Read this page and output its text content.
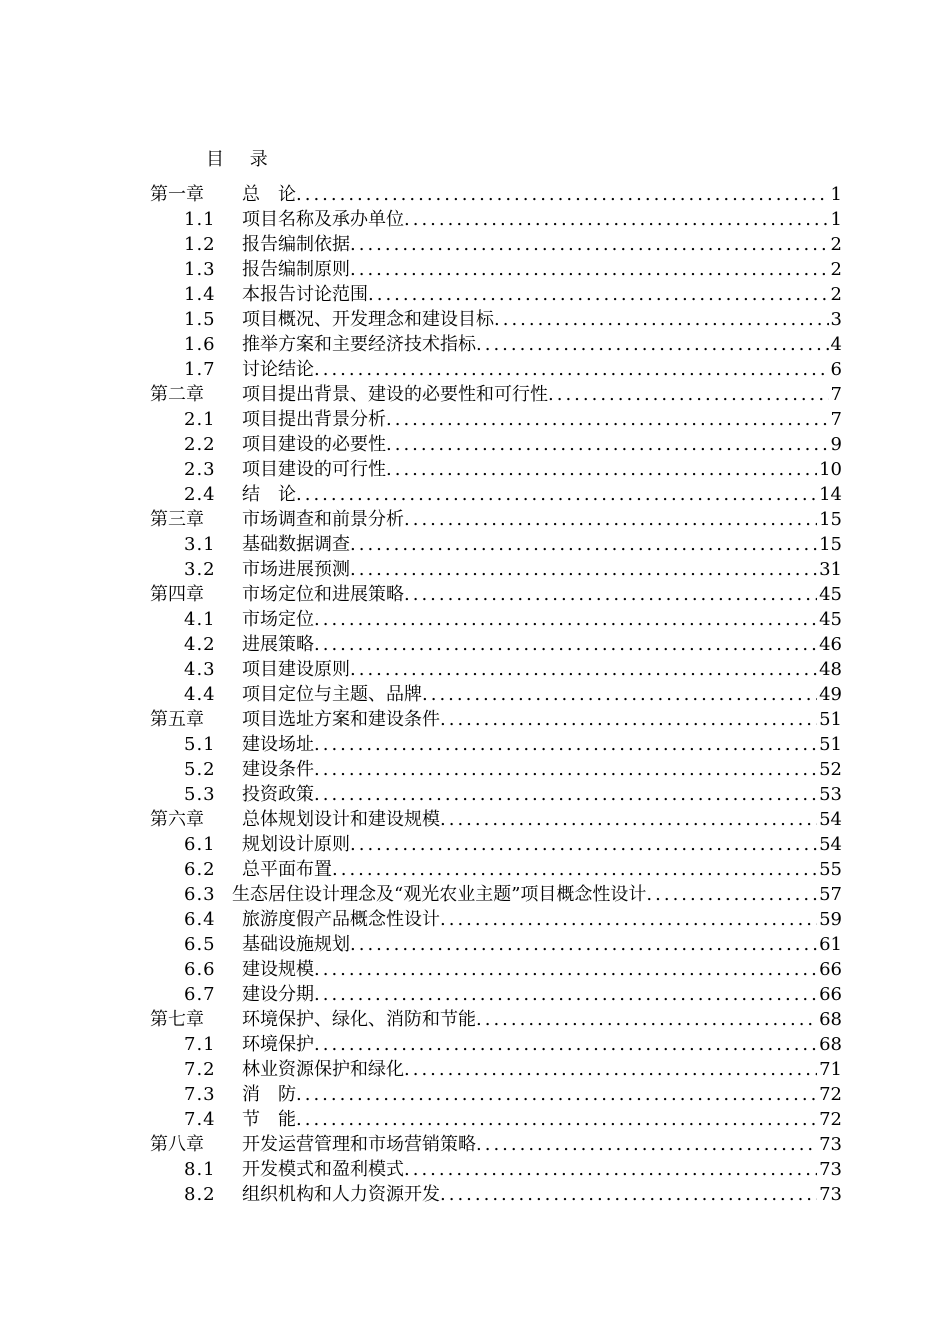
目 录
第一章	总　论 .....	1
1.1	项目名称及承办单位 .....	1
1.2	报告编制依据 .....	2
1.3	报告编制原则 .....	2
1.4	本报告讨论范围 .....	2
1.5	项目概况、开发理念和建设目标 .....	3
1.6	推举方案和主要经济技术指标 .....	4
1.7	讨论结论 .....	6
第二章	项目提出背景、建设的必要性和可行性 .....	7
2.1	项目提出背景分析 .....	7
2.2	项目建设的必要性 .....	9
2.3	项目建设的可行性 .....	10
2.4	结　论 .....	14
第三章	市场调查和前景分析 .....	15
3.1	基础数据调查 .....	15
3.2	市场进展预测 .....	31
第四章	市场定位和进展策略 .....	45
4.1	市场定位 .....	45
4.2	进展策略 .....	46
4.3	项目建设原则 .....	48
4.4	项目定位与主题、品牌 .....	49
第五章	项目选址方案和建设条件 .....	51
5.1	建设场址 .....	51
5.2	建设条件 .....	52
5.3	投资政策 .....	53
第六章	总体规划设计和建设规模 .....	54
6.1	规划设计原则 .....	54
6.2	总平面布置 .....	55
6.3 生态居住设计理念及“观光农业主题”项目概念性设计 .....	57
6.4	旅游度假产品概念性设计 .....	59
6.5	基础设施规划 .....	61
6.6	建设规模 .....	66
6.7	建设分期 .....	66
第七章	环境保护、绿化、消防和节能 .....	68
7.1	环境保护 .....	68
7.2	林业资源保护和绿化 .....	71
7.3	消　防 .....	72
7.4	节　能 .....	72
第八章	开发运营管理和市场营销策略 .....	73
8.1	开发模式和盈利模式 .....	73
8.2	组织机构和人力资源开发 .....	73
